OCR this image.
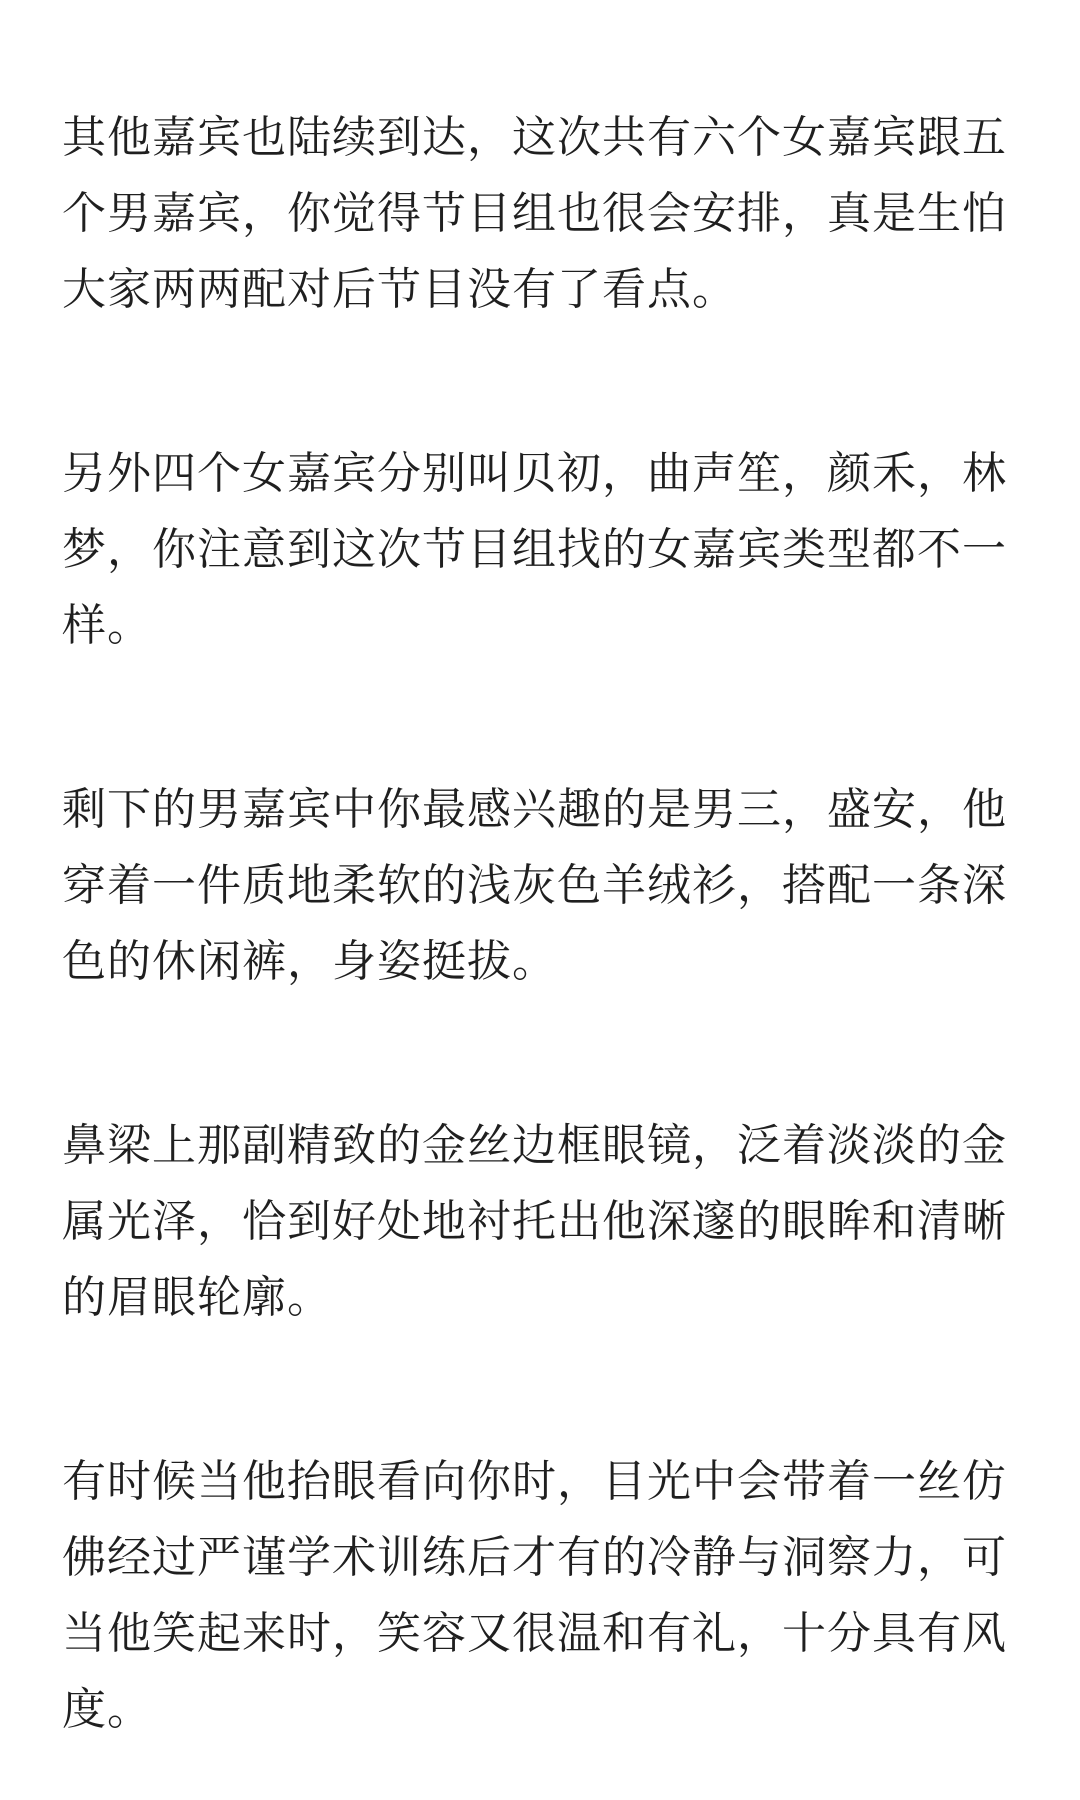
其他嘉宾也陆续到达，这次共有六个女嘉宾跟五个男嘉宾，你觉得节目组也很会安排，真是生怕大家两两配对后节目没有了看点。

另外四个女嘉宾分别叫贝初，曲声笙，颜禾，林梦，你注意到这次节目组找的女嘉宾类型都不一样。

剩下的男嘉宾中你最感兴趣的是男三，盛安，他穿着一件质地柔软的浅灰色羊绒衫，搭配一条深色的休闲裤，身姿挺拔。

鼻梁上那副精致的金丝边框眼镜，泛着淡淡的金属光泽，恰到好处地衬托出他深邃的眼眸和清晰的眉眼轮廓。

有时候当他抬眼看向你时，目光中会带着一丝仿佛经过严谨学术训练后才有的冷静与洞察力，可当他笑起来时，笑容又很温和有礼，十分具有风度。
